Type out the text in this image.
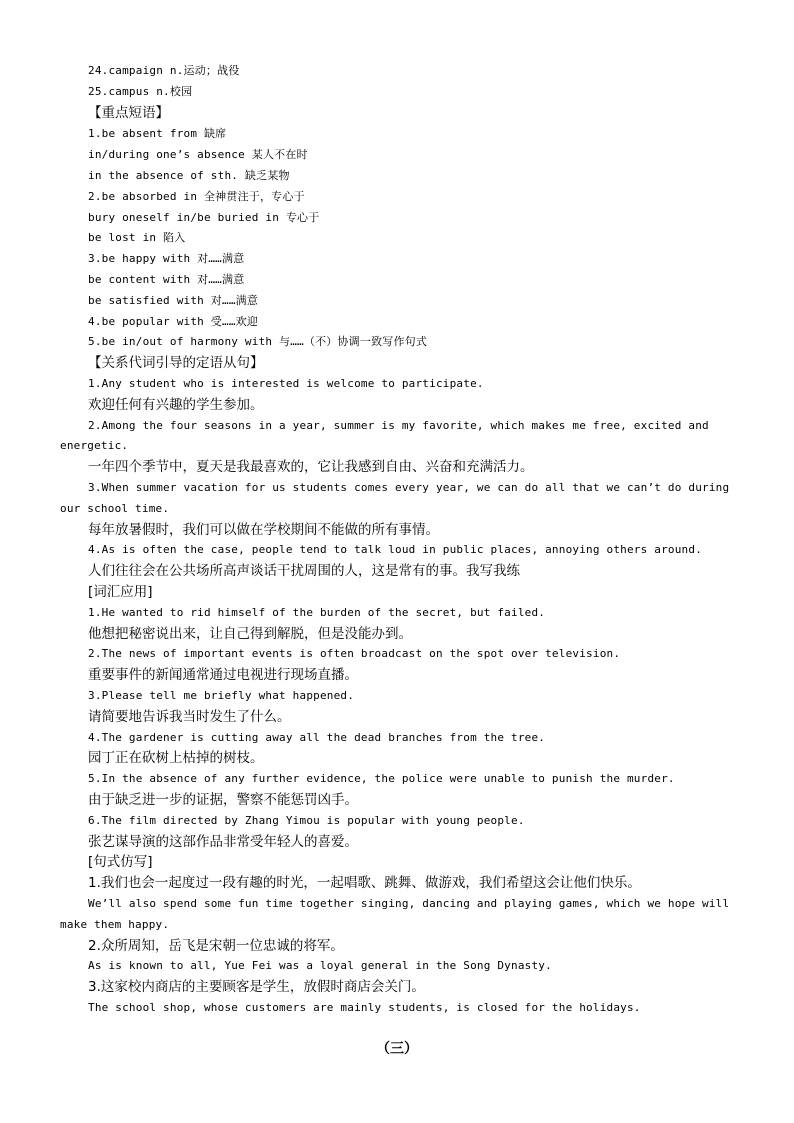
24.campaign n.运动；战役
25.campus n.校园
【重点短语】
1.be absent from 缺席
in/during one’s absence 某人不在时
in the absence of sth. 缺乏某物
2.be absorbed in 全神贯注于，专心于
bury oneself in/be buried in 专心于
be lost in 陷入
3.be happy with 对……满意
be content with 对……满意
be satisfied with 对……满意
4.be popular with 受……欢迎
5.be in/out of harmony with 与……（不）协调一致写作句式
【关系代词引导的定语从句】
1.Any student who is interested is welcome to participate.
欢迎任何有兴趣的学生参加。
2.Among the four seasons in a year, summer is my favorite, which makes me free, excited and
energetic.
一年四个季节中，夏天是我最喜欢的，它让我感到自由、兴奋和充满活力。
3.When summer vacation for us students comes every year, we can do all that we can’t do during
our school time.
每年放暑假时，我们可以做在学校期间不能做的所有事情。
4.As is often the case, people tend to talk loud in public places, annoying others around.
人们往往会在公共场所高声谈话干扰周围的人，这是常有的事。我写我练
[词汇应用]
1.He wanted to rid himself of the burden of the secret, but failed.
他想把秘密说出来，让自己得到解脱，但是没能办到。
2.The news of important events is often broadcast on the spot over television.
重要事件的新闻通常通过电视进行现场直播。
3.Please tell me briefly what happened.
请简要地告诉我当时发生了什么。
4.The gardener is cutting away all the dead branches from the tree.
园丁正在砍树上枯掉的树枝。
5.In the absence of any further evidence, the police were unable to punish the murder.
由于缺乏进一步的证据，警察不能惩罚凶手。
6.The film directed by Zhang Yimou is popular with young people.
张艺谋导演的这部作品非常受年轻人的喜爱。
[句式仿写]
1.我们也会一起度过一段有趣的时光，一起唱歌、跳舞、做游戏，我们希望这会让他们快乐。
We’ll also spend some fun time together singing, dancing and playing games, which we hope will
make them happy.
2.众所周知，岳飞是宋朝一位忠诚的将军。
As is known to all, Yue Fei was a loyal general in the Song Dynasty.
3.这家校内商店的主要顾客是学生，放假时商店会关门。
The school shop, whose customers are mainly students, is closed for the holidays.
（三）
